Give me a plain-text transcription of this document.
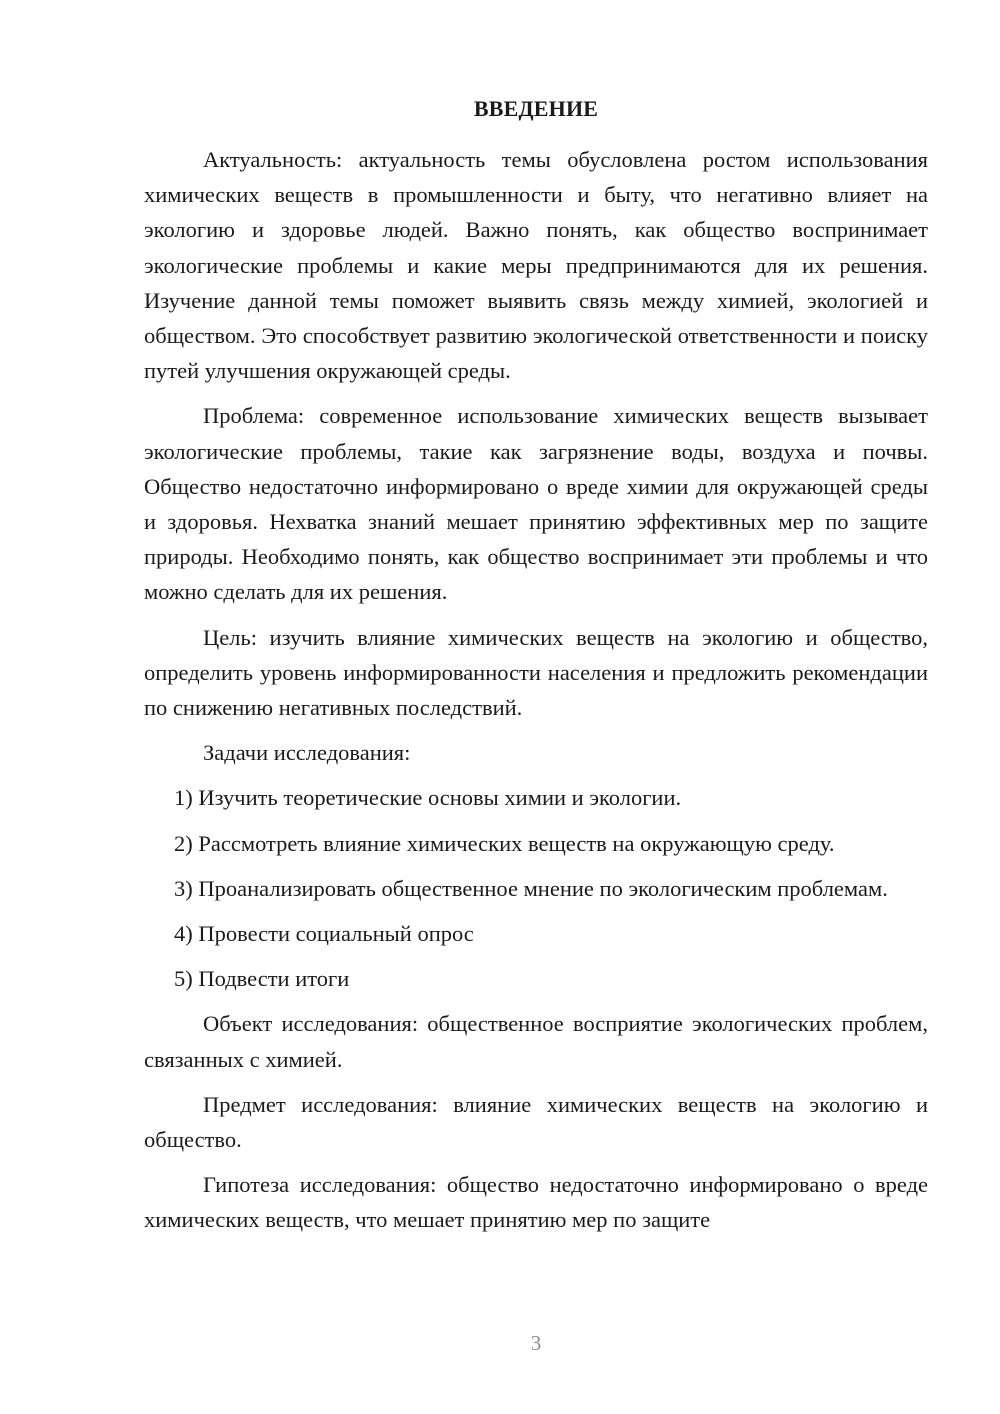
ВВЕДЕНИЕ

Актуальность: актуальность темы обусловлена ростом использования химических веществ в промышленности и быту, что негативно влияет на экологию и здоровье людей. Важно понять, как общество воспринимает экологические проблемы и какие меры предпринимаются для их решения. Изучение данной темы поможет выявить связь между химией, экологией и обществом. Это способствует развитию экологической ответственности и поиску путей улучшения окружающей среды.

Проблема: современное использование химических веществ вызывает экологические проблемы, такие как загрязнение воды, воздуха и почвы. Общество недостаточно информировано о вреде химии для окружающей среды и здоровья. Нехватка знаний мешает принятию эффективных мер по защите природы. Необходимо понять, как общество воспринимает эти проблемы и что можно сделать для их решения.

Цель: изучить влияние химических веществ на экологию и общество, определить уровень информированности населения и предложить рекомендации по снижению негативных последствий.

Задачи исследования:

1) Изучить теоретические основы химии и экологии.

2) Рассмотреть влияние химических веществ на окружающую среду.

3) Проанализировать общественное мнение по экологическим проблемам.

4) Провести социальный опрос

5) Подвести итоги

Объект исследования: общественное восприятие экологических проблем, связанных с химией.

Предмет исследования: влияние химических веществ на экологию и общество.

Гипотеза исследования: общество недостаточно информировано о вреде химических веществ, что мешает принятию мер по защите

3
